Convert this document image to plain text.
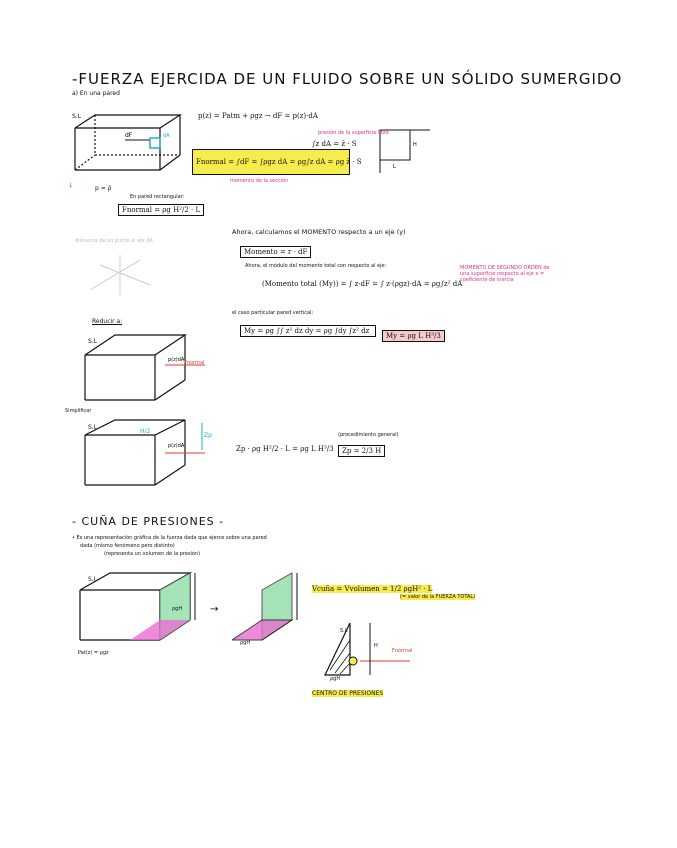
-FUERZA EJERCIDA DE UN FLUIDO SOBRE UN SÓLIDO SUMERGIDO
a) En una pared
dF	dA
S.L
p = ρ̄
↓
p(z) = Patm + ρgz → dF = p(z)·dA
presión de la superficie libre
∫z dA = z̄ · S
Fnormal = ∫dF = ∫ρgz dA = ρg∫z dA = ρg z̄ · S
momento de la sección
H
L
En pared rectangular:
Fnormal = ρg H²/2 · L
distancia de un punto al eje dA
Ahora, calculamos el MOMENTO respecto a un eje (y)
Momento = r · dF
Ahora, el módulo del momento total con respecto al eje:
(Momento total (My)) = ∫ z·dF = ∫ z·(ρgz)·dA = ρg∫z² dA
MOMENTO DE SEGUNDO ORDEN de una superficie respecto al eje x = coeficiente de inercia
el caso particular pared vertical:
My = ρg ∫∫ z² dz dy = ρg ∫dy ∫z² dz
My = ρg L H³/3
Reducir a:
p(z)dA
S.L
Fnormal
Simplificar
p(z)dA
S.L
H/2
Zp
Zp · ρg H²/2 · L = ρg L H³/3	Zp = 2/3 H
(procedimiento general)
- CUÑA DE PRESIONES -
• Es una representación gráfica de la fuerza dada que ejerce sobre una pared
dada (mismo fenómeno pero distinto)
(representa un volumen de la presión)
S.L
ρgH
Pat(z) = ρgz
→
ρgH
Vcuña = Vvolumen = 1/2 ρgH² · L
(= valor de la FUERZA TOTAL)
S.L
H
Fnormal
ρgH
CENTRO DE PRESIONES
